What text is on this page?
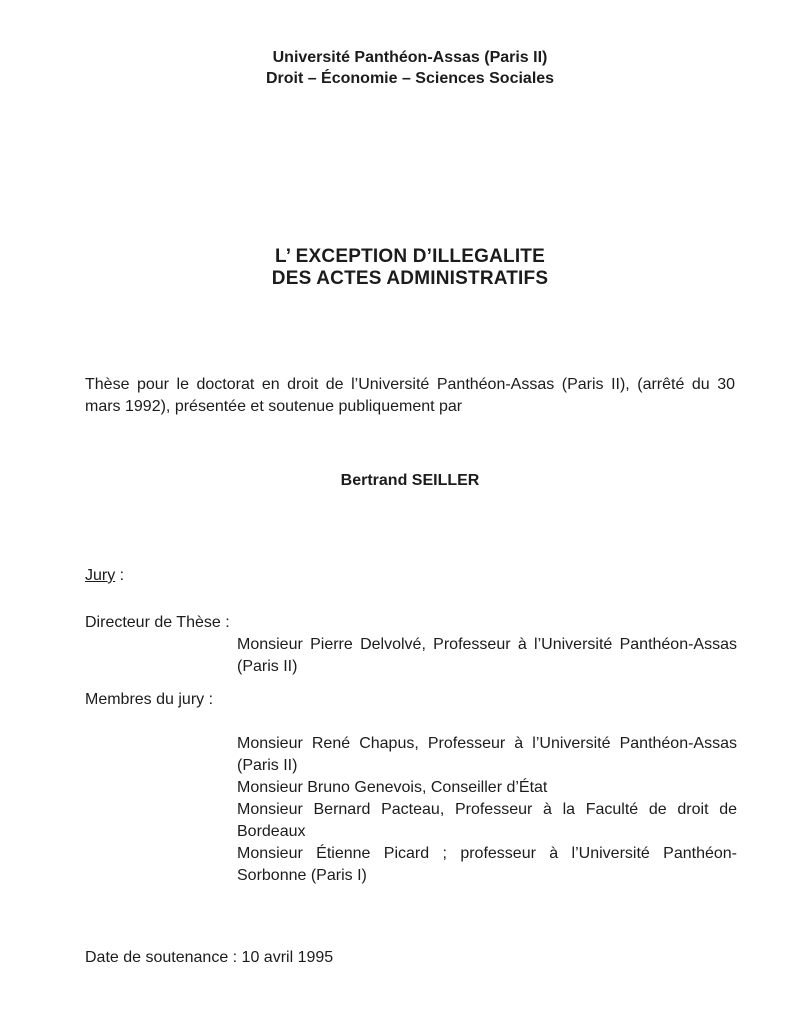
Université Panthéon-Assas (Paris II)
Droit – Économie – Sciences Sociales
L’ EXCEPTION D’ILLEGALITE
DES ACTES ADMINISTRATIFS
Thèse pour le doctorat en droit de l’Université Panthéon-Assas (Paris II), (arrêté du 30 mars 1992), présentée et soutenue publiquement par
Bertrand SEILLER
Jury :
Directeur de Thèse :
Monsieur Pierre Delvolvé, Professeur à l’Université Panthéon-Assas (Paris II)
Membres du jury :

Monsieur René Chapus, Professeur à l’Université Panthéon-Assas (Paris II)

Monsieur Bruno Genevois, Conseiller d’État

Monsieur Bernard Pacteau, Professeur à la Faculté de droit de Bordeaux

Monsieur Étienne Picard ; professeur à l’Université Panthéon-Sorbonne (Paris I)

Date de soutenance : 10 avril 1995
